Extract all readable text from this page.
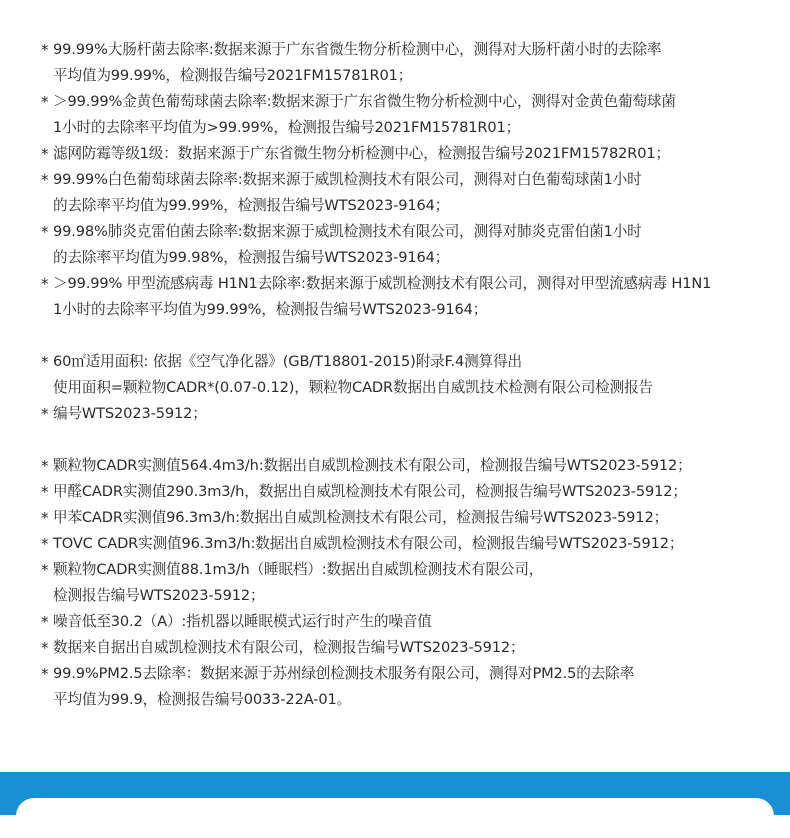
* 99.99%大肠杆菌去除率:数据来源于广东省微生物分析检测中心，测得对大肠杆菌小时的去除率
平均值为99.99%，检测报告编号2021FM15781R01；
* ＞99.99%金黄色葡萄球菌去除率:数据来源于广东省微生物分析检测中心，测得对金黄色葡萄球菌
1小时的去除率平均值为>99.99%，检测报告编号2021FM15781R01；
* 滤网防霉等级1级：数据来源于广东省微生物分析检测中心，检测报告编号2021FM15782R01；
* 99.99%白色葡萄球菌去除率:数据来源于威凯检测技术有限公司，测得对白色葡萄球菌1小时
的去除率平均值为99.99%，检测报告编号WTS2023-9164；
* 99.98%肺炎克雷伯菌去除率:数据来源于威凯检测技术有限公司，测得对肺炎克雷伯菌1小时
的去除率平均值为99.98%，检测报告编号WTS2023-9164；
* ＞99.99% 甲型流感病毒 H1N1去除率:数据来源于威凯检测技术有限公司，测得对甲型流感病毒 H1N1
1小时的去除率平均值为99.99%，检测报告编号WTS2023-9164；
* 60㎡适用面积: 依据《空气净化器》(GB/T18801-2015)附录F.4测算得出
使用面积=颗粒物CADR*(0.07-0.12)，颗粒物CADR数据出自威凯技术检测有限公司检测报告
* 编号WTS2023-5912；
* 颗粒物CADR实测值564.4m3/h:数据出自威凯检测技术有限公司，检测报告编号WTS2023-5912；
* 甲醛CADR实测值290.3m3/h，数据出自威凯检测技术有限公司，检测报告编号WTS2023-5912；
* 甲苯CADR实测值96.3m3/h:数据出自威凯检测技术有限公司，检测报告编号WTS2023-5912；
* TOVC CADR实测值96.3m3/h:数据出自威凯检测技术有限公司，检测报告编号WTS2023-5912；
* 颗粒物CADR实测值88.1m3/h（睡眠档）:数据出自威凯检测技术有限公司，
检测报告编号WTS2023-5912；
* 噪音低至30.2（A）:指机器以睡眠模式运行时产生的噪音值
* 数据来自据出自威凯检测技术有限公司，检测报告编号WTS2023-5912；
* 99.9%PM2.5去除率：数据来源于苏州绿创检测技术服务有限公司，测得对PM2.5的去除率
平均值为99.9，检测报告编号0033-22A-01。
